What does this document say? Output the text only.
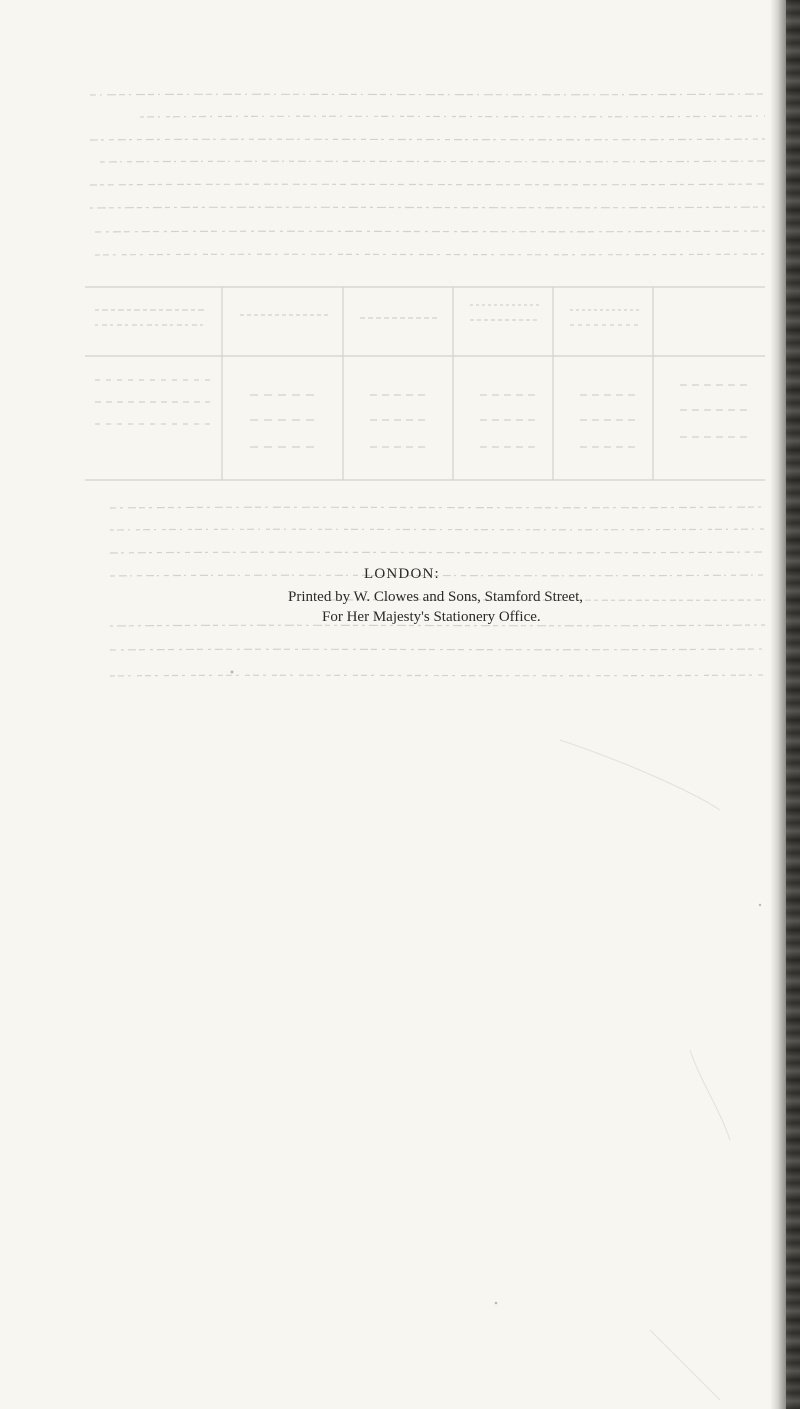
LONDON:
Printed by W. Clowes and Sons, Stamford Street,
For Her Majesty's Stationery Office.
